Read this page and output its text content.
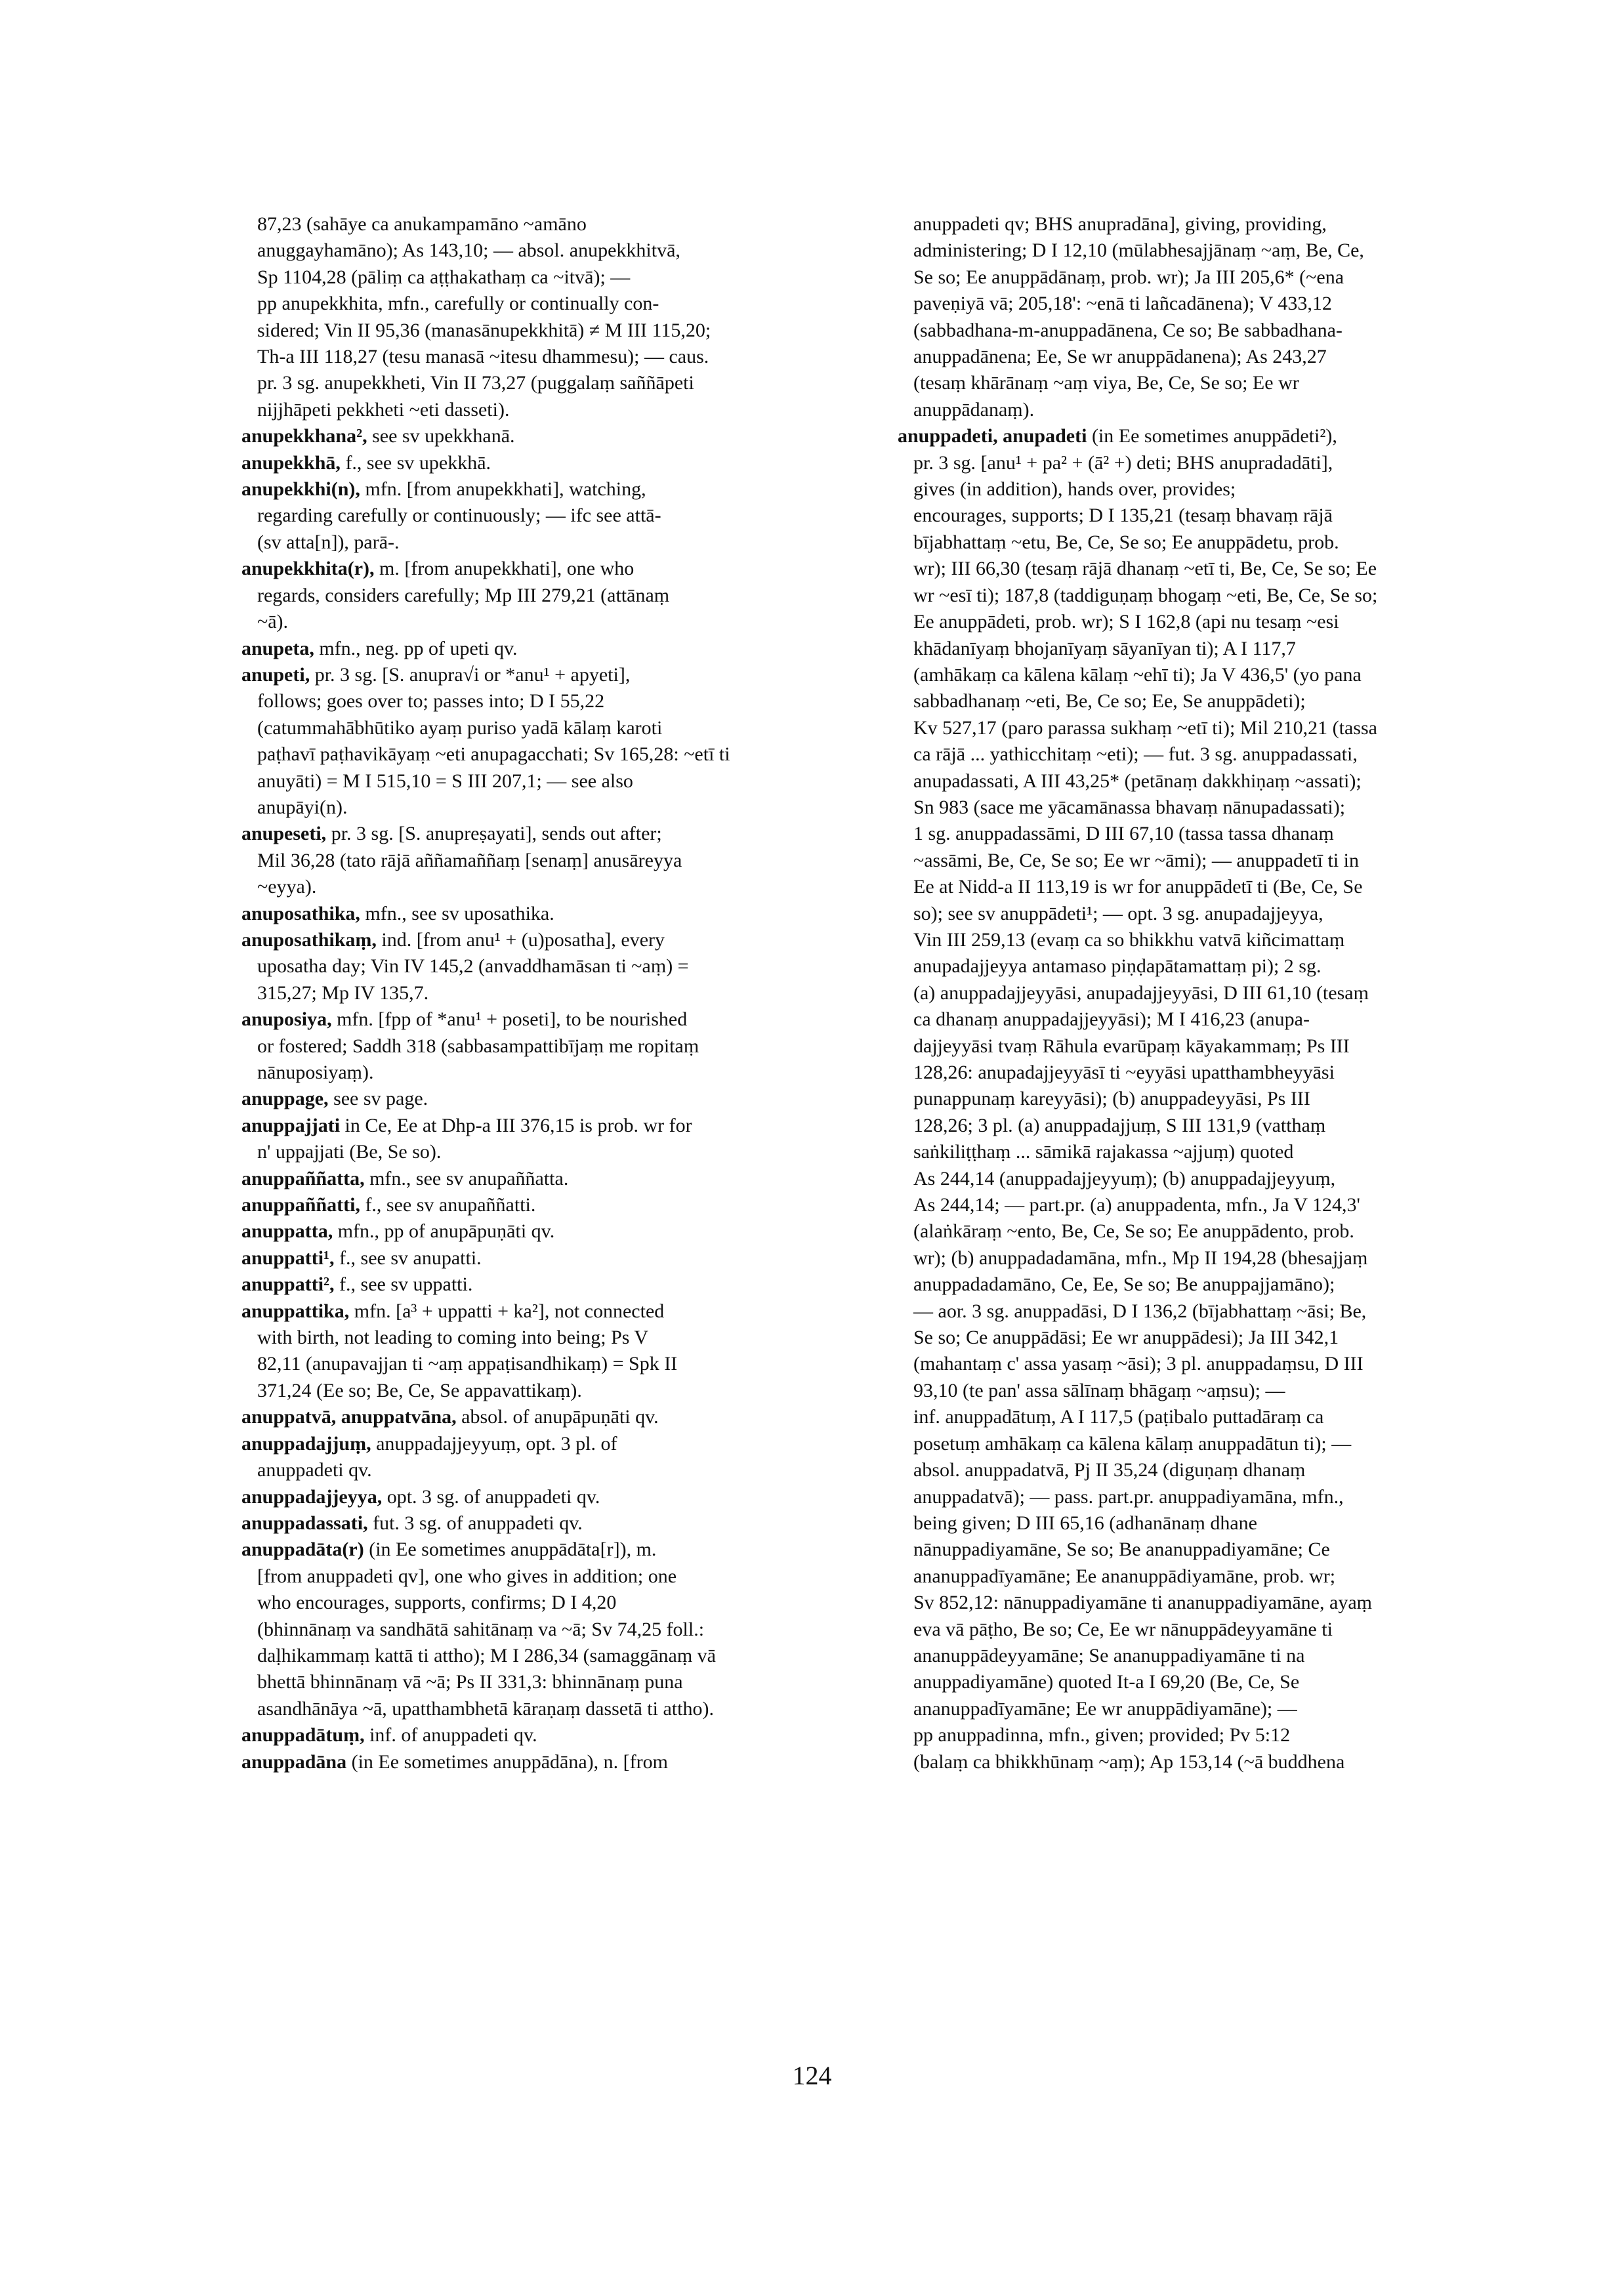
87,23 (sahāye ca anukampamāno ~amāno
anuggayhamāno); As 143,10; — absol. anupekkhitvā,
Sp 1104,28 (pāliṃ ca aṭṭhakathaṃ ca ~itvā); —
pp anupekkhita, mfn., carefully or continually con-
sidered; Vin II 95,36 (manasānupekkhitā) ≠ M III 115,20;
Th-a III 118,27 (tesu manasā ~itesu dhammesu); — caus.
pr. 3 sg. anupekkheti, Vin II 73,27 (puggalaṃ saññāpeti
nijjhāpeti pekkheti ~eti dasseti).
anupekkhana², see sv upekkhanā.
anupekkhā, f., see sv upekkhā.
anupekkhi(n), mfn. [from anupekkhati], watching,
regarding carefully or continuously; — ifc see attā-
(sv atta[n]), parā-.
anupekkhita(r), m. [from anupekkhati], one who
regards, considers carefully; Mp III 279,21 (attānaṃ
~ā).
anupeta, mfn., neg. pp of upeti qv.
anupeti, pr. 3 sg. [S. anupra√i or *anu¹ + apyeti],
follows; goes over to; passes into; D I 55,22
(catummahābhūtiko ayaṃ puriso yadā kālaṃ karoti
paṭhavī paṭhavikāyaṃ ~eti anupagacchati; Sv 165,28: ~etī ti
anuyāti) = M I 515,10 = S III 207,1; — see also
anupāyi(n).
anupeseti, pr. 3 sg. [S. anupreṣayati], sends out after;
Mil 36,28 (tato rājā aññamaññaṃ [senaṃ] anusāreyya
~eyya).
anuposathika, mfn., see sv uposathika.
anuposathikaṃ, ind. [from anu¹ + (u)posatha], every
uposatha day; Vin IV 145,2 (anvaddhamāsan ti ~aṃ) =
315,27; Mp IV 135,7.
anuposiya, mfn. [fpp of *anu¹ + poseti], to be nourished
or fostered; Saddh 318 (sabbasampattibījaṃ me ropitaṃ
nānuposiyaṃ).
anuppage, see sv page.
anuppajjati in Ce, Ee at Dhp-a III 376,15 is prob. wr for
n' uppajjati (Be, Se so).
anuppaññatta, mfn., see sv anupaññatta.
anuppaññatti, f., see sv anupaññatti.
anuppatta, mfn., pp of anupāpuṇāti qv.
anuppatti¹, f., see sv anupatti.
anuppatti², f., see sv uppatti.
anuppattika, mfn. [a³ + uppatti + ka²], not connected
with birth, not leading to coming into being; Ps V
82,11 (anupavajjan ti ~aṃ appaṭisandhikaṃ) = Spk II
371,24 (Ee so; Be, Ce, Se appavattikaṃ).
anuppatvā, anuppatvāna, absol. of anupāpuṇāti qv.
anuppadajjuṃ, anuppadajjeyyuṃ, opt. 3 pl. of
anuppadeti qv.
anuppadajjeyya, opt. 3 sg. of anuppadeti qv.
anuppadassati, fut. 3 sg. of anuppadeti qv.
anuppadāta(r) (in Ee sometimes anuppādāta[r]), m.
[from anuppadeti qv], one who gives in addition; one
who encourages, supports, confirms; D I 4,20
(bhinnānaṃ va sandhātā sahitānaṃ va ~ā; Sv 74,25 foll.:
daḷhikammaṃ kattā ti attho); M I 286,34 (samaggānaṃ vā
bhettā bhinnānaṃ vā ~ā; Ps II 331,3: bhinnānaṃ puna
asandhānāya ~ā, upatthambhetā kāraṇaṃ dassetā ti attho).
anuppadātuṃ, inf. of anuppadeti qv.
anuppadāna (in Ee sometimes anuppādāna), n. [from
anuppadeti qv; BHS anupradāna], giving, providing,
administering; D I 12,10 (mūlabhesajjānaṃ ~aṃ, Be, Ce,
Se so; Ee anuppādānaṃ, prob. wr); Ja III 205,6* (~ena
paveṇiyā vā; 205,18': ~enā ti lañcadānena); V 433,12
(sabbadhana-m-anuppadānena, Ce so; Be sabbadhana-
anuppadānena; Ee, Se wr anuppādanena); As 243,27
(tesaṃ khārānaṃ ~aṃ viya, Be, Ce, Se so; Ee wr
anuppādanaṃ).
anuppadeti, anupadeti (in Ee sometimes anuppādeti²),
pr. 3 sg. [anu¹ + pa² + (ā² +) deti; BHS anupradadāti],
gives (in addition), hands over, provides;
encourages, supports; D I 135,21 (tesaṃ bhavaṃ rājā
bījabhattaṃ ~etu, Be, Ce, Se so; Ee anuppādetu, prob.
wr); III 66,30 (tesaṃ rājā dhanaṃ ~etī ti, Be, Ce, Se so; Ee
wr ~esī ti); 187,8 (taddiguṇaṃ bhogaṃ ~eti, Be, Ce, Se so;
Ee anuppādeti, prob. wr); S I 162,8 (api nu tesaṃ ~esi
khādanīyaṃ bhojanīyaṃ sāyanīyan ti); A I 117,7
(amhākaṃ ca kālena kālaṃ ~ehī ti); Ja V 436,5' (yo pana
sabbadhanaṃ ~eti, Be, Ce so; Ee, Se anuppādeti);
Kv 527,17 (paro parassa sukhaṃ ~etī ti); Mil 210,21 (tassa
ca rājā ... yathicchitaṃ ~eti); — fut. 3 sg. anuppadassati,
anupadassati, A III 43,25* (petānaṃ dakkhiṇaṃ ~assati);
Sn 983 (sace me yācamānassa bhavaṃ nānupadassati);
1 sg. anuppadassāmi, D III 67,10 (tassa tassa dhanaṃ
~assāmi, Be, Ce, Se so; Ee wr ~āmi); — anuppadetī ti in
Ee at Nidd-a II 113,19 is wr for anuppādetī ti (Be, Ce, Se
so); see sv anuppādeti¹; — opt. 3 sg. anupadajjeyya,
Vin III 259,13 (evaṃ ca so bhikkhu vatvā kiñcimattaṃ
anupadajjeyya antamaso piṇḍapātamattaṃ pi); 2 sg.
(a) anuppadajjeyyāsi, anupadajjeyyāsi, D III 61,10 (tesaṃ
ca dhanaṃ anuppadajjeyyāsi); M I 416,23 (anupa-
dajjeyyāsi tvaṃ Rāhula evarūpaṃ kāyakammaṃ; Ps III
128,26: anupadajjeyyāsī ti ~eyyāsi upatthambheyyāsi
punappunaṃ kareyyāsi); (b) anuppadeyyāsi, Ps III
128,26; 3 pl. (a) anuppadajjuṃ, S III 131,9 (vatthaṃ
saṅkiliṭṭhaṃ ... sāmikā rajakassa ~ajjuṃ) quoted
As 244,14 (anuppadajjeyyuṃ); (b) anuppadajjeyyuṃ,
As 244,14; — part.pr. (a) anuppadenta, mfn., Ja V 124,3'
(alaṅkāraṃ ~ento, Be, Ce, Se so; Ee anuppādento, prob.
wr); (b) anuppadadamāna, mfn., Mp II 194,28 (bhesajjaṃ
anuppadadamāno, Ce, Ee, Se so; Be anuppajjamāno);
— aor. 3 sg. anuppadāsi, D I 136,2 (bījabhattaṃ ~āsi; Be,
Se so; Ce anuppādāsi; Ee wr anuppādesi); Ja III 342,1
(mahantaṃ c' assa yasaṃ ~āsi); 3 pl. anuppadaṃsu, D III
93,10 (te pan' assa sālīnaṃ bhāgaṃ ~aṃsu); —
inf. anuppadātuṃ, A I 117,5 (paṭibalo puttadāraṃ ca
posetuṃ amhākaṃ ca kālena kālaṃ anuppadātun ti); —
absol. anuppadatvā, Pj II 35,24 (diguṇaṃ dhanaṃ
anuppadatvā); — pass. part.pr. anuppadiyamāna, mfn.,
being given; D III 65,16 (adhanānaṃ dhane
nānuppadiyamāne, Se so; Be ananuppadiyamāne; Ce
ananuppadīyamāne; Ee ananuppādiyamāne, prob. wr;
Sv 852,12: nānuppadiyamāne ti ananuppadiyamāne, ayaṃ
eva vā pāṭho, Be so; Ce, Ee wr nānuppādeyyamāne ti
ananuppādeyyamāne; Se ananuppadiyamāne ti na
anuppadiyamāne) quoted It-a I 69,20 (Be, Ce, Se
ananuppadīyamāne; Ee wr anuppādiyamāne); —
pp anuppadinna, mfn., given; provided; Pv 5:12
(balaṃ ca bhikkhūnaṃ ~aṃ); Ap 153,14 (~ā buddhena
124
